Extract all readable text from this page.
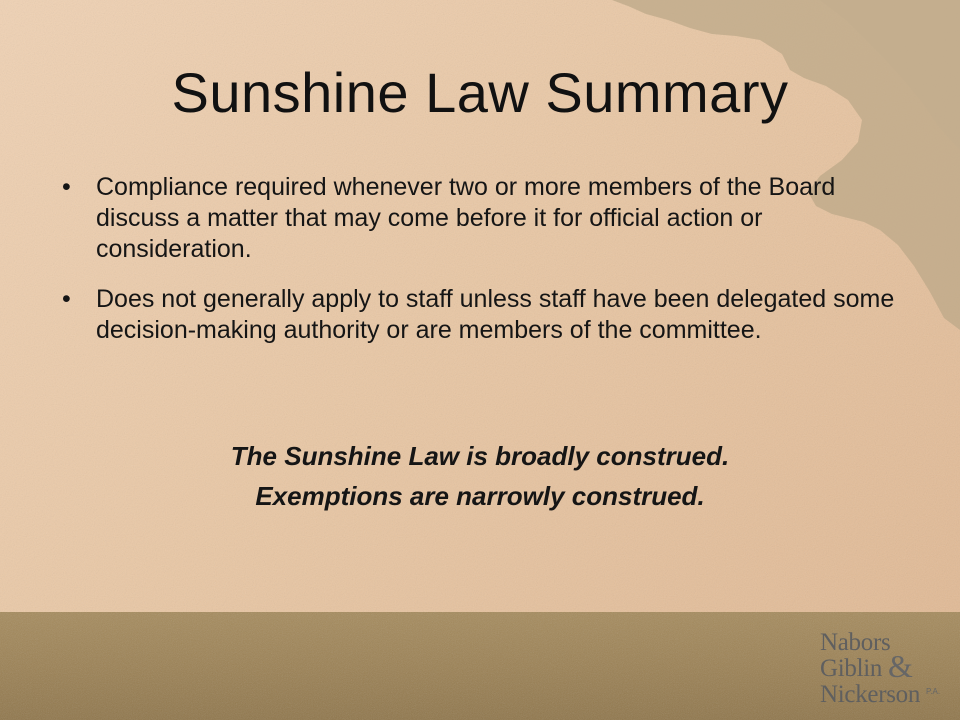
Sunshine Law Summary
•	Compliance required whenever two or more members of the Board discuss a matter that may come before it for official action or consideration.
•	Does not generally apply to staff unless staff have been delegated some decision-making authority or are members of the committee.
The Sunshine Law is broadly construed.
Exemptions are narrowly construed.
Nabors
Giblin &
Nickerson P.A.
